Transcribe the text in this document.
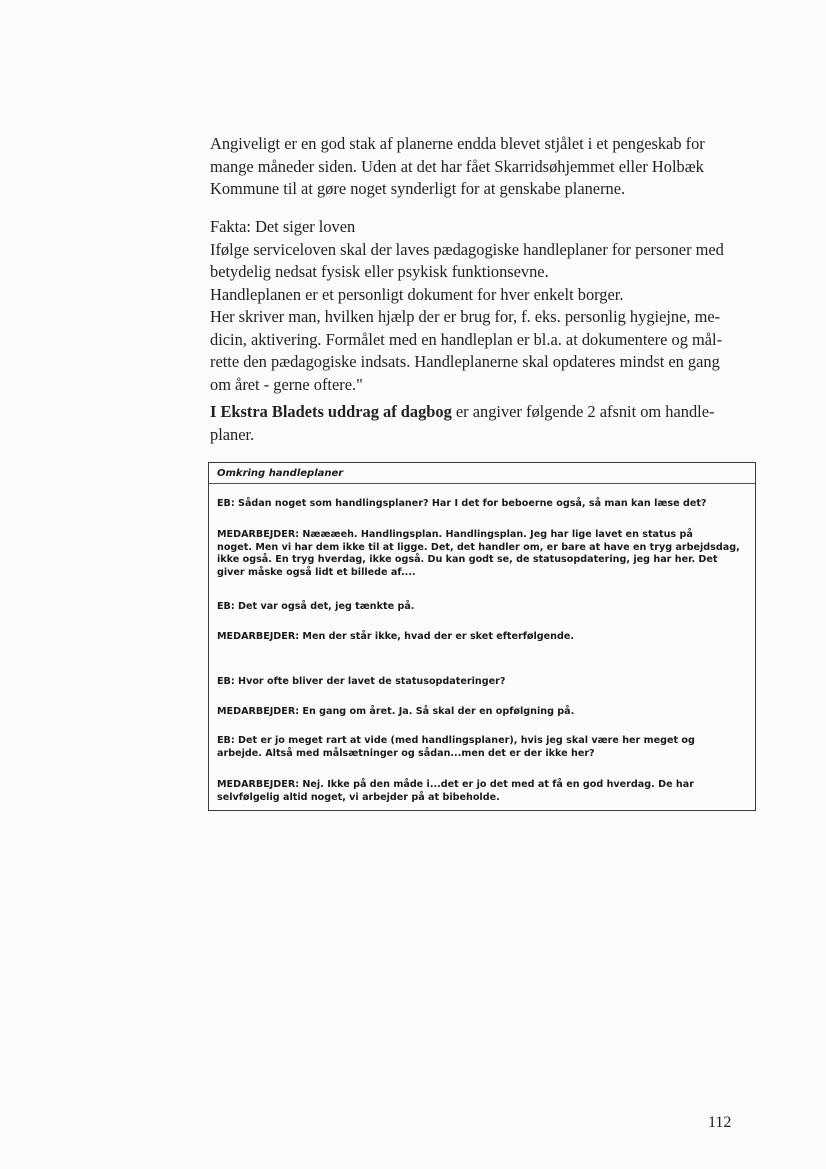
Angiveligt er en god stak af planerne endda blevet stjålet i et pengeskab for
mange måneder siden. Uden at det har fået Skarridsøhjemmet eller Holbæk
Kommune til at gøre noget synderligt for at genskabe planerne.
Fakta: Det siger loven
Ifølge serviceloven skal der laves pædagogiske handleplaner for personer med
betydelig nedsat fysisk eller psykisk funktionsevne.
Handleplanen er et personligt dokument for hver enkelt borger.
Her skriver man, hvilken hjælp der er brug for, f. eks. personlig hygiejne, me-
dicin, aktivering. Formålet med en handleplan er bl.a. at dokumentere og mål-
rette den pædagogiske indsats. Handleplanerne skal opdateres mindst en gang
om året - gerne oftere."
I Ekstra Bladets uddrag af dagbog er angiver følgende 2 afsnit om handle-
planer.
Omkring handleplaner
EB: Sådan noget som handlingsplaner? Har I det for beboerne også, så man kan læse det?
MEDARBEJDER: Næææeh. Handlingsplan. Handlingsplan. Jeg har lige lavet en status på
noget. Men vi har dem ikke til at ligge. Det, det handler om, er bare at have en tryg arbejdsdag,
ikke også. En tryg hverdag, ikke også. Du kan godt se, de statusopdatering, jeg har her. Det
giver måske også lidt et billede af....
EB: Det var også det, jeg tænkte på.
MEDARBEJDER: Men der står ikke, hvad der er sket efterfølgende.
EB: Hvor ofte bliver der lavet de statusopdateringer?
MEDARBEJDER: En gang om året. Ja. Så skal der en opfølgning på.
EB: Det er jo meget rart at vide (med handlingsplaner), hvis jeg skal være her meget og
arbejde. Altså med målsætninger og sådan...men det er der ikke her?
MEDARBEJDER: Nej. Ikke på den måde i...det er jo det med at få en god hverdag. De har
selvfølgelig altid noget, vi arbejder på at bibeholde.
112
